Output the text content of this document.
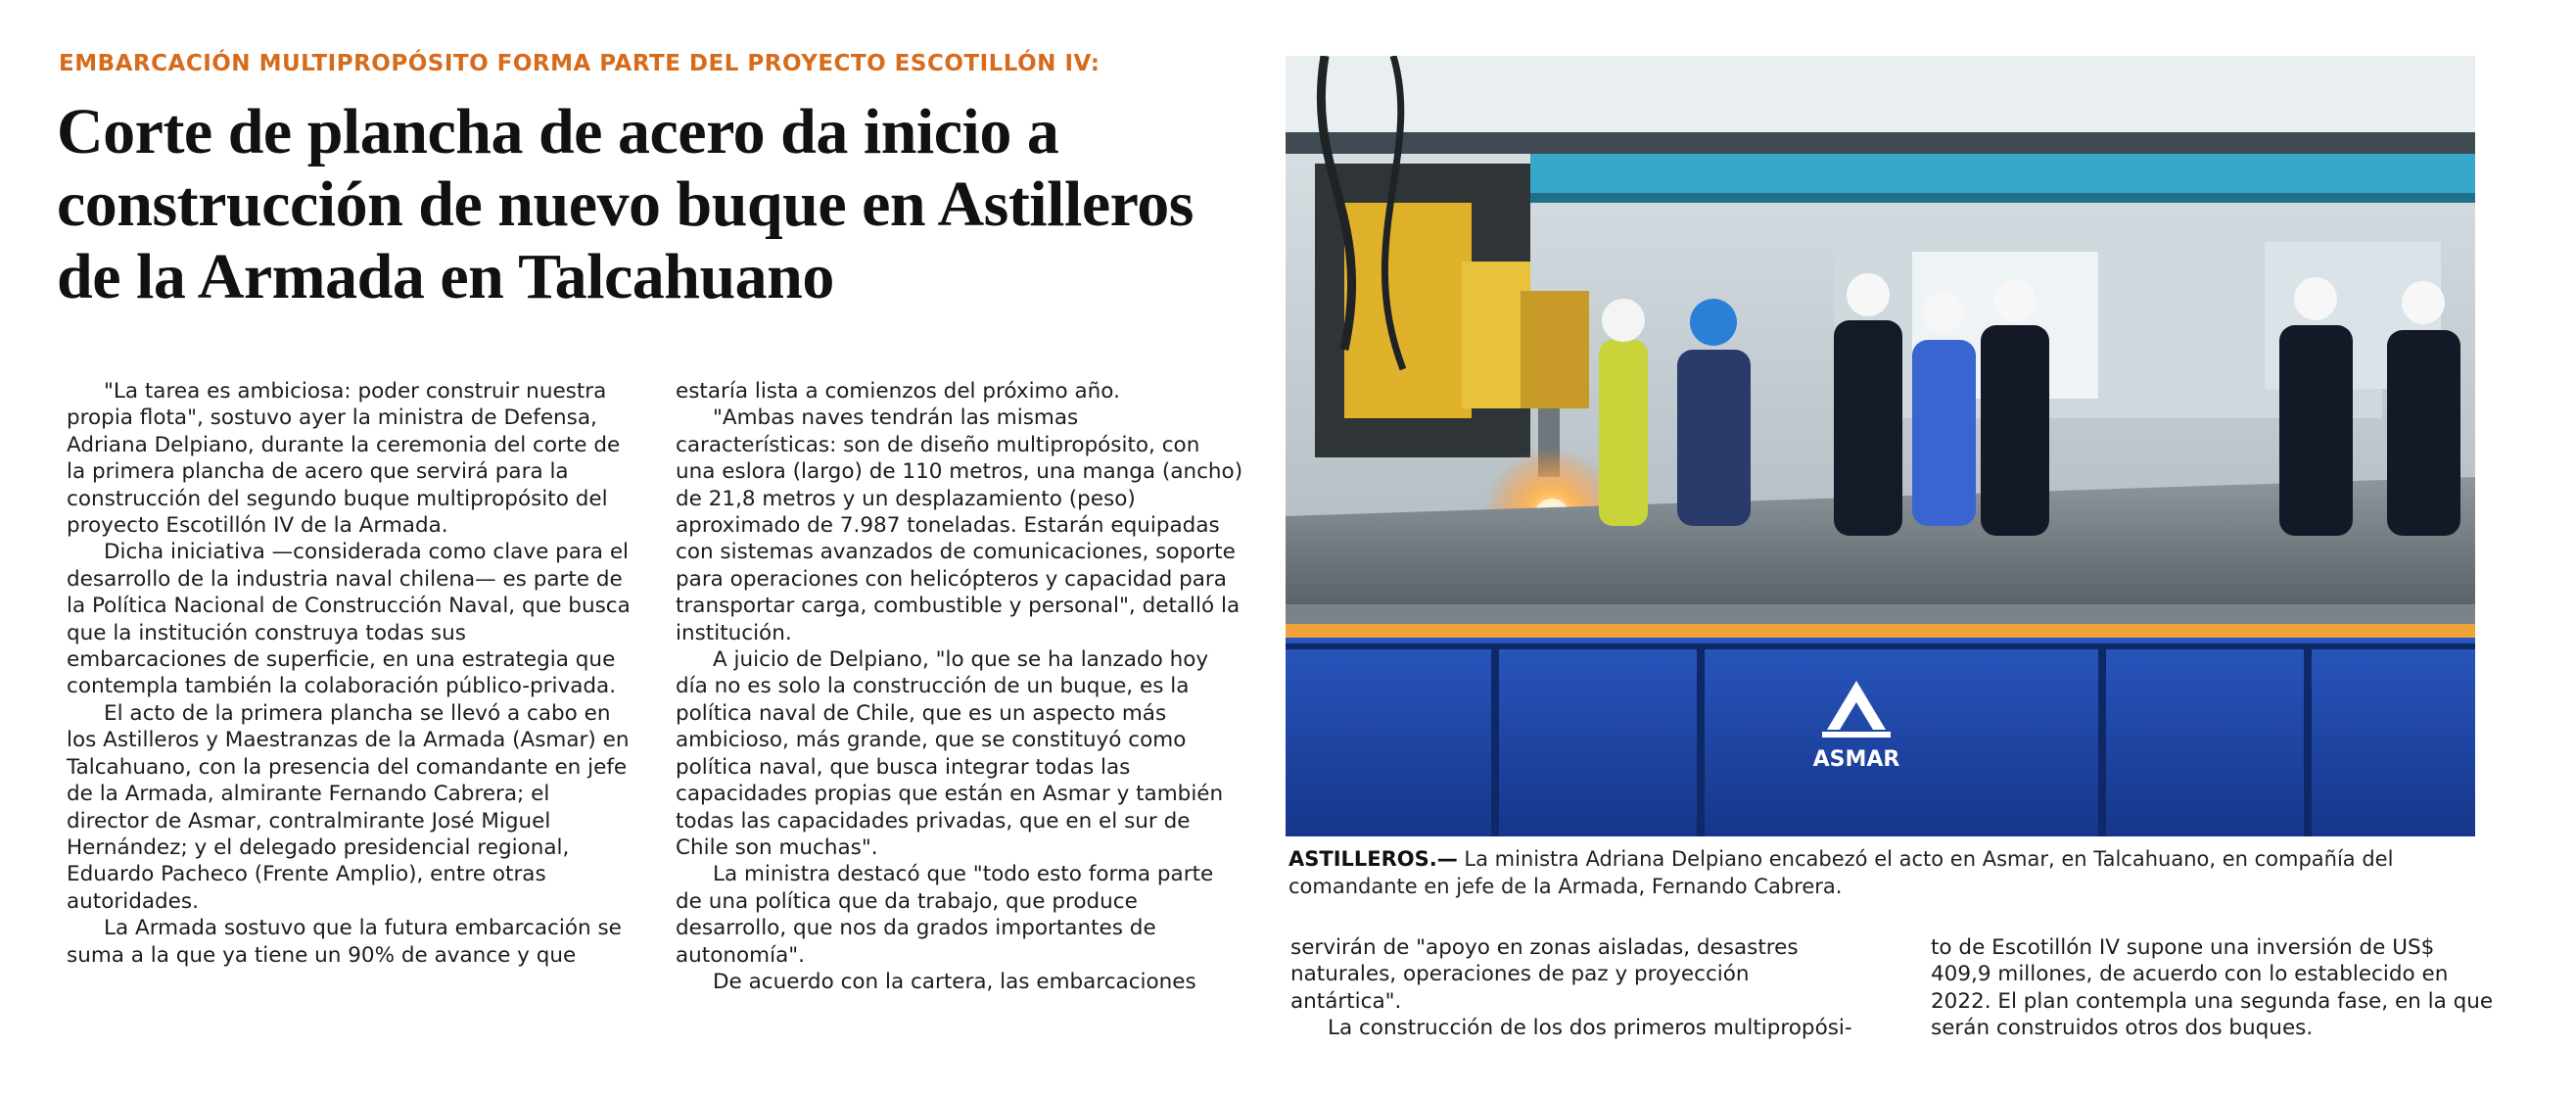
EMBARCACIÓN MULTIPROPÓSITO FORMA PARTE DEL PROYECTO ESCOTILLÓN IV:
Corte de plancha de acero da inicio a construcción de nuevo buque en Astilleros de la Armada en Talcahuano

"La tarea es ambiciosa: poder construir nuestra propia flota", sostuvo ayer la ministra de Defensa, Adriana Delpiano, durante la ceremonia del corte de la primera plancha de acero que servirá para la construcción del segundo buque multipropósito del proyecto Escotillón IV de la Armada.

Dicha iniciativa —considerada como clave para el desarrollo de la industria naval chilena— es parte de la Política Nacional de Construcción Naval, que busca que la institución construya todas sus embarcaciones de superficie, en una estrategia que contempla también la colaboración público-privada.

El acto de la primera plancha se llevó a cabo en los Astilleros y Maestranzas de la Armada (Asmar) en Talcahuano, con la presencia del comandante en jefe de la Armada, almirante Fernando Cabrera; el director de Asmar, contralmirante José Miguel Hernández; y el delegado presidencial regional, Eduardo Pacheco (Frente Amplio), entre otras autoridades.

La Armada sostuvo que la futura embarcación se suma a la que ya tiene un 90% de avance y que

estaría lista a comienzos del próximo año.

"Ambas naves tendrán las mismas características: son de diseño multipropósito, con una eslora (largo) de 110 metros, una manga (ancho) de 21,8 metros y un desplazamiento (peso) aproximado de 7.987 toneladas. Estarán equipadas con sistemas avanzados de comunicaciones, soporte para operaciones con helicópteros y capacidad para transportar carga, combustible y personal", detalló la institución.

A juicio de Delpiano, "lo que se ha lanzado hoy día no es solo la construcción de un buque, es la política naval de Chile, que es un aspecto más ambicioso, más grande, que se constituyó como política naval, que busca integrar todas las capacidades propias que están en Asmar y también todas las capacidades privadas, que en el sur de Chile son muchas".

La ministra destacó que "todo esto forma parte de una política que da trabajo, que produce desarrollo, que nos da grados importantes de autonomía".

De acuerdo con la cartera, las embarcaciones

ASMAR
ASTILLEROS.— La ministra Adriana Delpiano encabezó el acto en Asmar, en Talcahuano, en compañía del comandante en jefe de la Armada, Fernando Cabrera.

servirán de "apoyo en zonas aisladas, desastres naturales, operaciones de paz y proyección antártica".

La construcción de los dos primeros multipropósi-

to de Escotillón IV supone una inversión de US$ 409,9 millones, de acuerdo con lo establecido en 2022. El plan contempla una segunda fase, en la que serán construidos otros dos buques.
